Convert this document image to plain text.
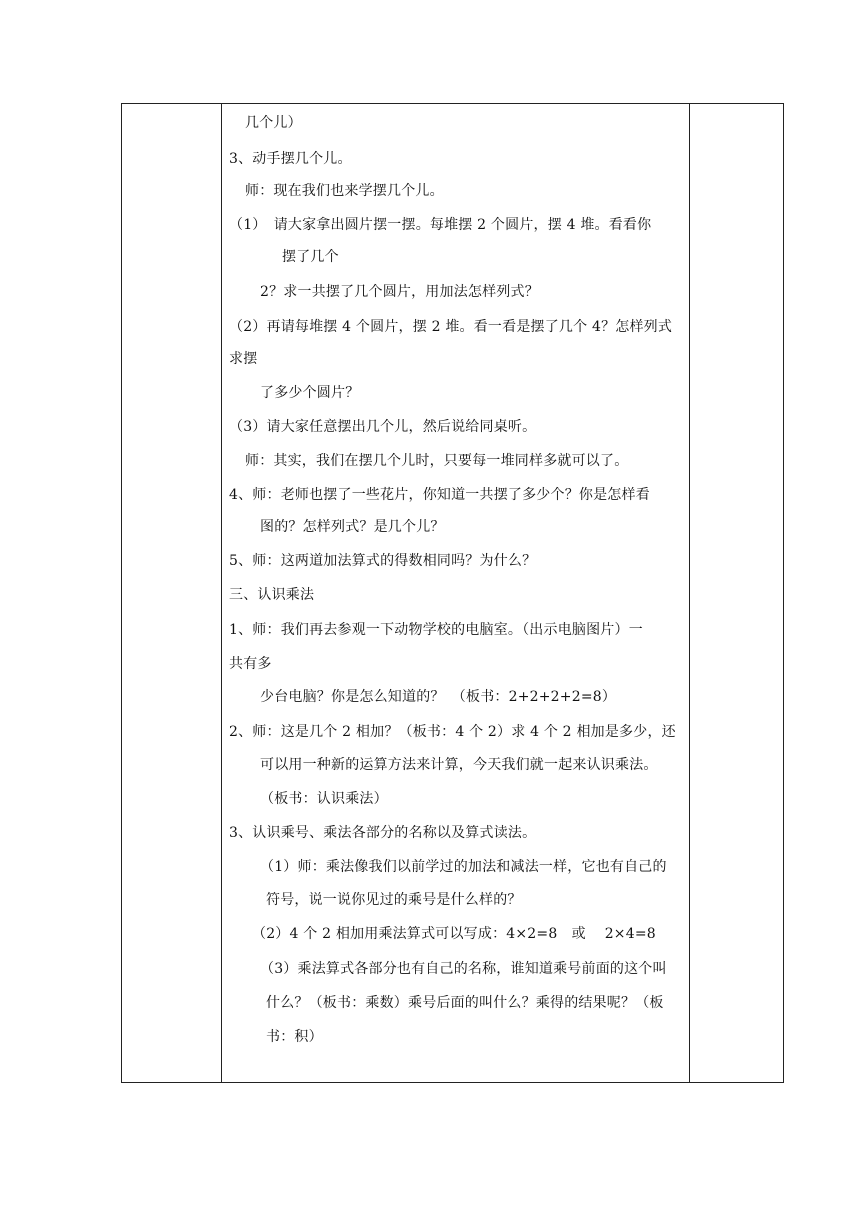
几个儿）
3、动手摆几个儿。
师：现在我们也来学摆几个儿。
（1）　请大家拿出圆片摆一摆。每堆摆 2 个圆片，摆 4 堆。看看你
摆了几个
2？求一共摆了几个圆片，用加法怎样列式？
（2）再请每堆摆 4 个圆片，摆 2 堆。看一看是摆了几个 4？怎样列式
求摆
了多少个圆片？
（3）请大家任意摆出几个儿，然后说给同桌听。
师：其实，我们在摆几个儿时，只要每一堆同样多就可以了。
4、师：老师也摆了一些花片，你知道一共摆了多少个？你是怎样看
图的？怎样列式？是几个儿？
5、师：这两道加法算式的得数相同吗？为什么？
三、认识乘法
1、师：我们再去参观一下动物学校的电脑室。（出示电脑图片）一
共有多
少台电脑？你是怎么知道的？　（板书：2+2+2+2=8）
2、师：这是几个 2 相加？（板书：4 个 2）求 4 个 2 相加是多少，还
可以用一种新的运算方法来计算，今天我们就一起来认识乘法。
（板书：认识乘法）
3、认识乘号、乘法各部分的名称以及算式读法。
（1）师：乘法像我们以前学过的加法和减法一样，它也有自己的
符号，说一说你见过的乘号是什么样的？
（2）4 个 2 相加用乘法算式可以写成：4×2=8　或　 2×4=8
（3）乘法算式各部分也有自己的名称，谁知道乘号前面的这个叫
什么？（板书：乘数）乘号后面的叫什么？乘得的结果呢？（板
书：积）
